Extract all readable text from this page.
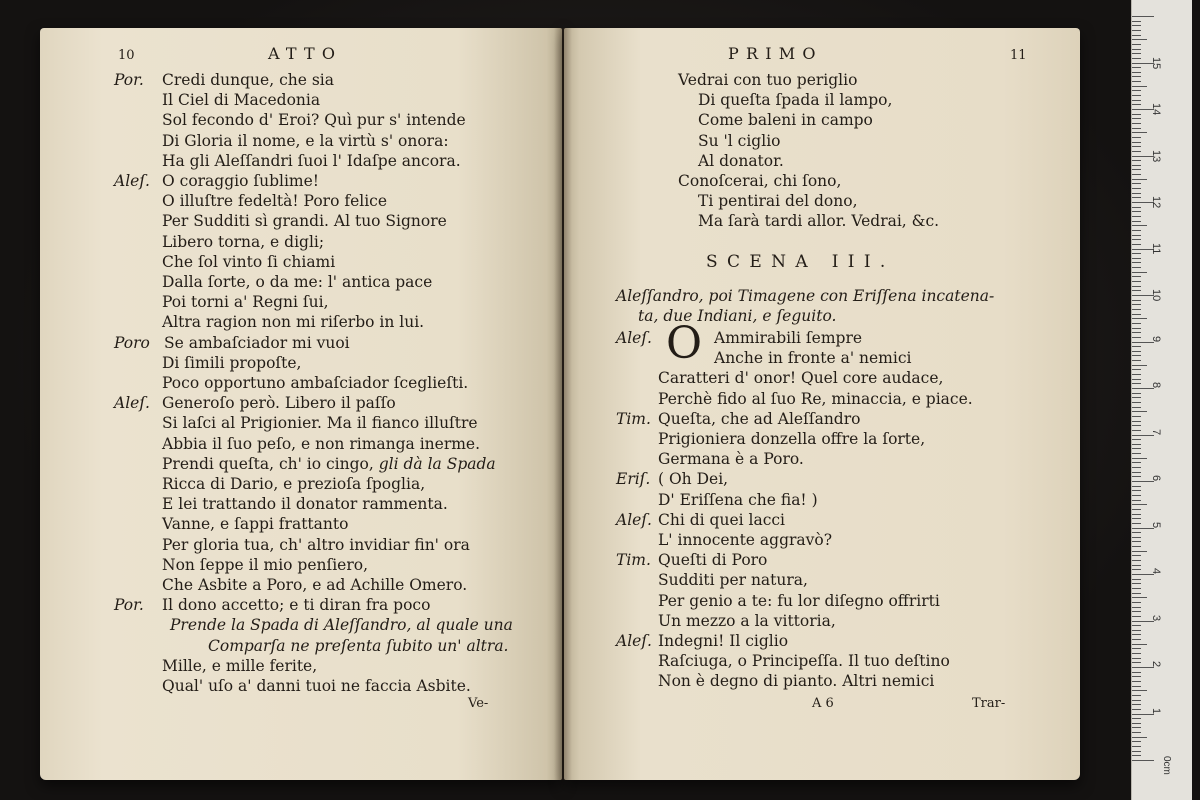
10	ATTO
Por. Credi dunque, che sia
Il Ciel di Macedonia
Sol fecondo d' Eroi? Quì pur s' intende
Di Gloria il nome, e la virtù s' onora:
Ha gli Aleſſandri ſuoi l' Idaſpe ancora.
Aleſ. O coraggio ſublime!
O illuſtre fedeltà! Poro felice
Per Sudditi sì grandi. Al tuo Signore
Libero torna, e digli;
Che ſol vinto ſi chiami
Dalla ſorte, o da me: l' antica pace
Poi torni a' Regni ſui,
Altra ragion non mi riſerbo in lui.
Poro Se ambaſciador mi vuoi
Di ſimili propoſte,
Poco opportuno ambaſciador ſceglieſti.
Aleſ. Generoſo però. Libero il paſſo
Si laſci al Prigionier. Ma il fianco illuſtre
Abbia il ſuo peſo, e non rimanga inerme.
Prendi queſta, ch' io cingo, gli dà la Spada
Ricca di Dario, e prezioſa ſpoglia,
E lei trattando il donator rammenta.
Vanne, e ſappi frattanto
Per gloria tua, ch' altro invidiar fin' ora
Non ſeppe il mio penſiero,
Che Asbite a Poro, e ad Achille Omero.
Por. Il dono accetto; e ti diran fra poco
Prende la Spada di Aleſſandro, al quale una
Comparſa ne preſenta ſubito un' altra.
Mille, e mille ferite,
Qual' uſo a' danni tuoi ne faccia Asbite.
Ve-
PRIMO	11
Vedrai con tuo periglio
Di queſta ſpada il lampo,
Come baleni in campo
Su 'l ciglio
Al donator.
Conoſcerai, chi ſono,
Ti pentirai del dono,
Ma ſarà tardi allor. Vedrai, &c.
SCENA III.
Aleſſandro, poi Timagene con Eriſſena incatena-
ta, due Indiani, e ſeguito.
Aleſ. O Ammirabili ſempre
Anche in fronte a' nemici
Caratteri d' onor! Quel core audace,
Perchè fido al ſuo Re, minaccia, e piace.
Tim. Queſta, che ad Aleſſandro
Prigioniera donzella offre la ſorte,
Germana è a Poro.
Eriſ. ( Oh Dei,
D' Eriſſena che fia! )
Aleſ. Chi di quei lacci
L' innocente aggravò?
Tim. Queſti di Poro
Sudditi per natura,
Per genio a te: fu lor diſegno offrirti
Un mezzo a la vittoria,
Aleſ. Indegni! Il ciglio
Raſciuga, o Principeſſa. Il tuo deſtino
Non è degno di pianto. Altri nemici
A 6	Trar-
0cm
1
2
3
4
5
6
7
8
9
10
11
12
13
14
15
